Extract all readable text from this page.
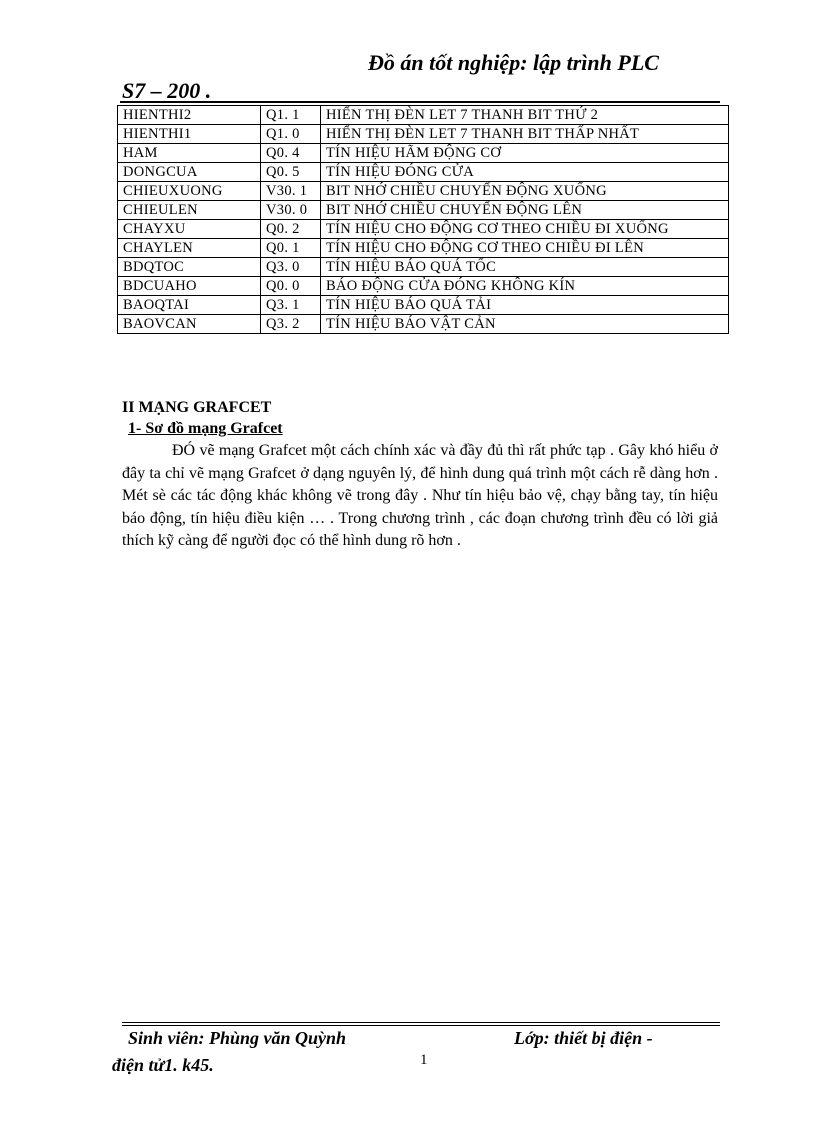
Đồ án tốt nghiệp: lập trình PLC
S7 – 200 .
HIENTHI2	Q1. 1	HIỂN THỊ ĐÈN LET 7 THANH BIT THỨ 2
HIENTHI1	Q1. 0	HIỂN THỊ ĐÈN LET 7 THANH BIT THẤP NHẤT
HAM	Q0. 4	TÍN HIỆU HÃM ĐỘNG CƠ
DONGCUA	Q0. 5	TÍN HIỆU ĐÓNG CỬA
CHIEUXUONG	V30. 1	BIT NHỚ CHIỀU CHUYỂN ĐỘNG XUỐNG
CHIEULEN	V30. 0	BIT NHỚ CHIỀU CHUYỂN ĐỘNG LÊN
CHAYXU	Q0. 2	TÍN HIỆU CHO ĐỘNG CƠ THEO CHIỀU ĐI XUỐNG
CHAYLEN	Q0. 1	TÍN HIỆU CHO ĐỘNG CƠ THEO CHIỀU ĐI LÊN
BDQTOC	Q3. 0	TÍN HIỆU BÁO QUÁ TỐC
BDCUAHO	Q0. 0	BÁO ĐỘNG CỬA ĐÓNG KHÔNG KÍN
BAOQTAI	Q3. 1	TÍN HIỆU BÁO QUÁ TẢI
BAOVCAN	Q3. 2	TÍN HIỆU BÁO VẬT CẢN
II MẠNG GRAFCET
1- Sơ đồ mạng Grafcet
ĐÓ vẽ mạng Grafcet một cách chính xác và đầy đủ thì rất phức tạp . Gây khó hiểu ở đây ta chỉ vẽ mạng Grafcet ở dạng nguyên lý, để hình dung quá trình một cách rễ dàng hơn . Mét sè các tác động khác không vẽ trong đây . Như tín hiệu bảo vệ, chạy bằng tay, tín hiệu báo động, tín hiệu điều kiện … . Trong chương trình , các đoạn chương trình đều có lời giả thích kỹ càng để người đọc có thể hình dung rõ hơn .
Sinh viên: Phùng văn Quỳnh	Lớp: thiết bị điện -
điện tử1. k45.	1
